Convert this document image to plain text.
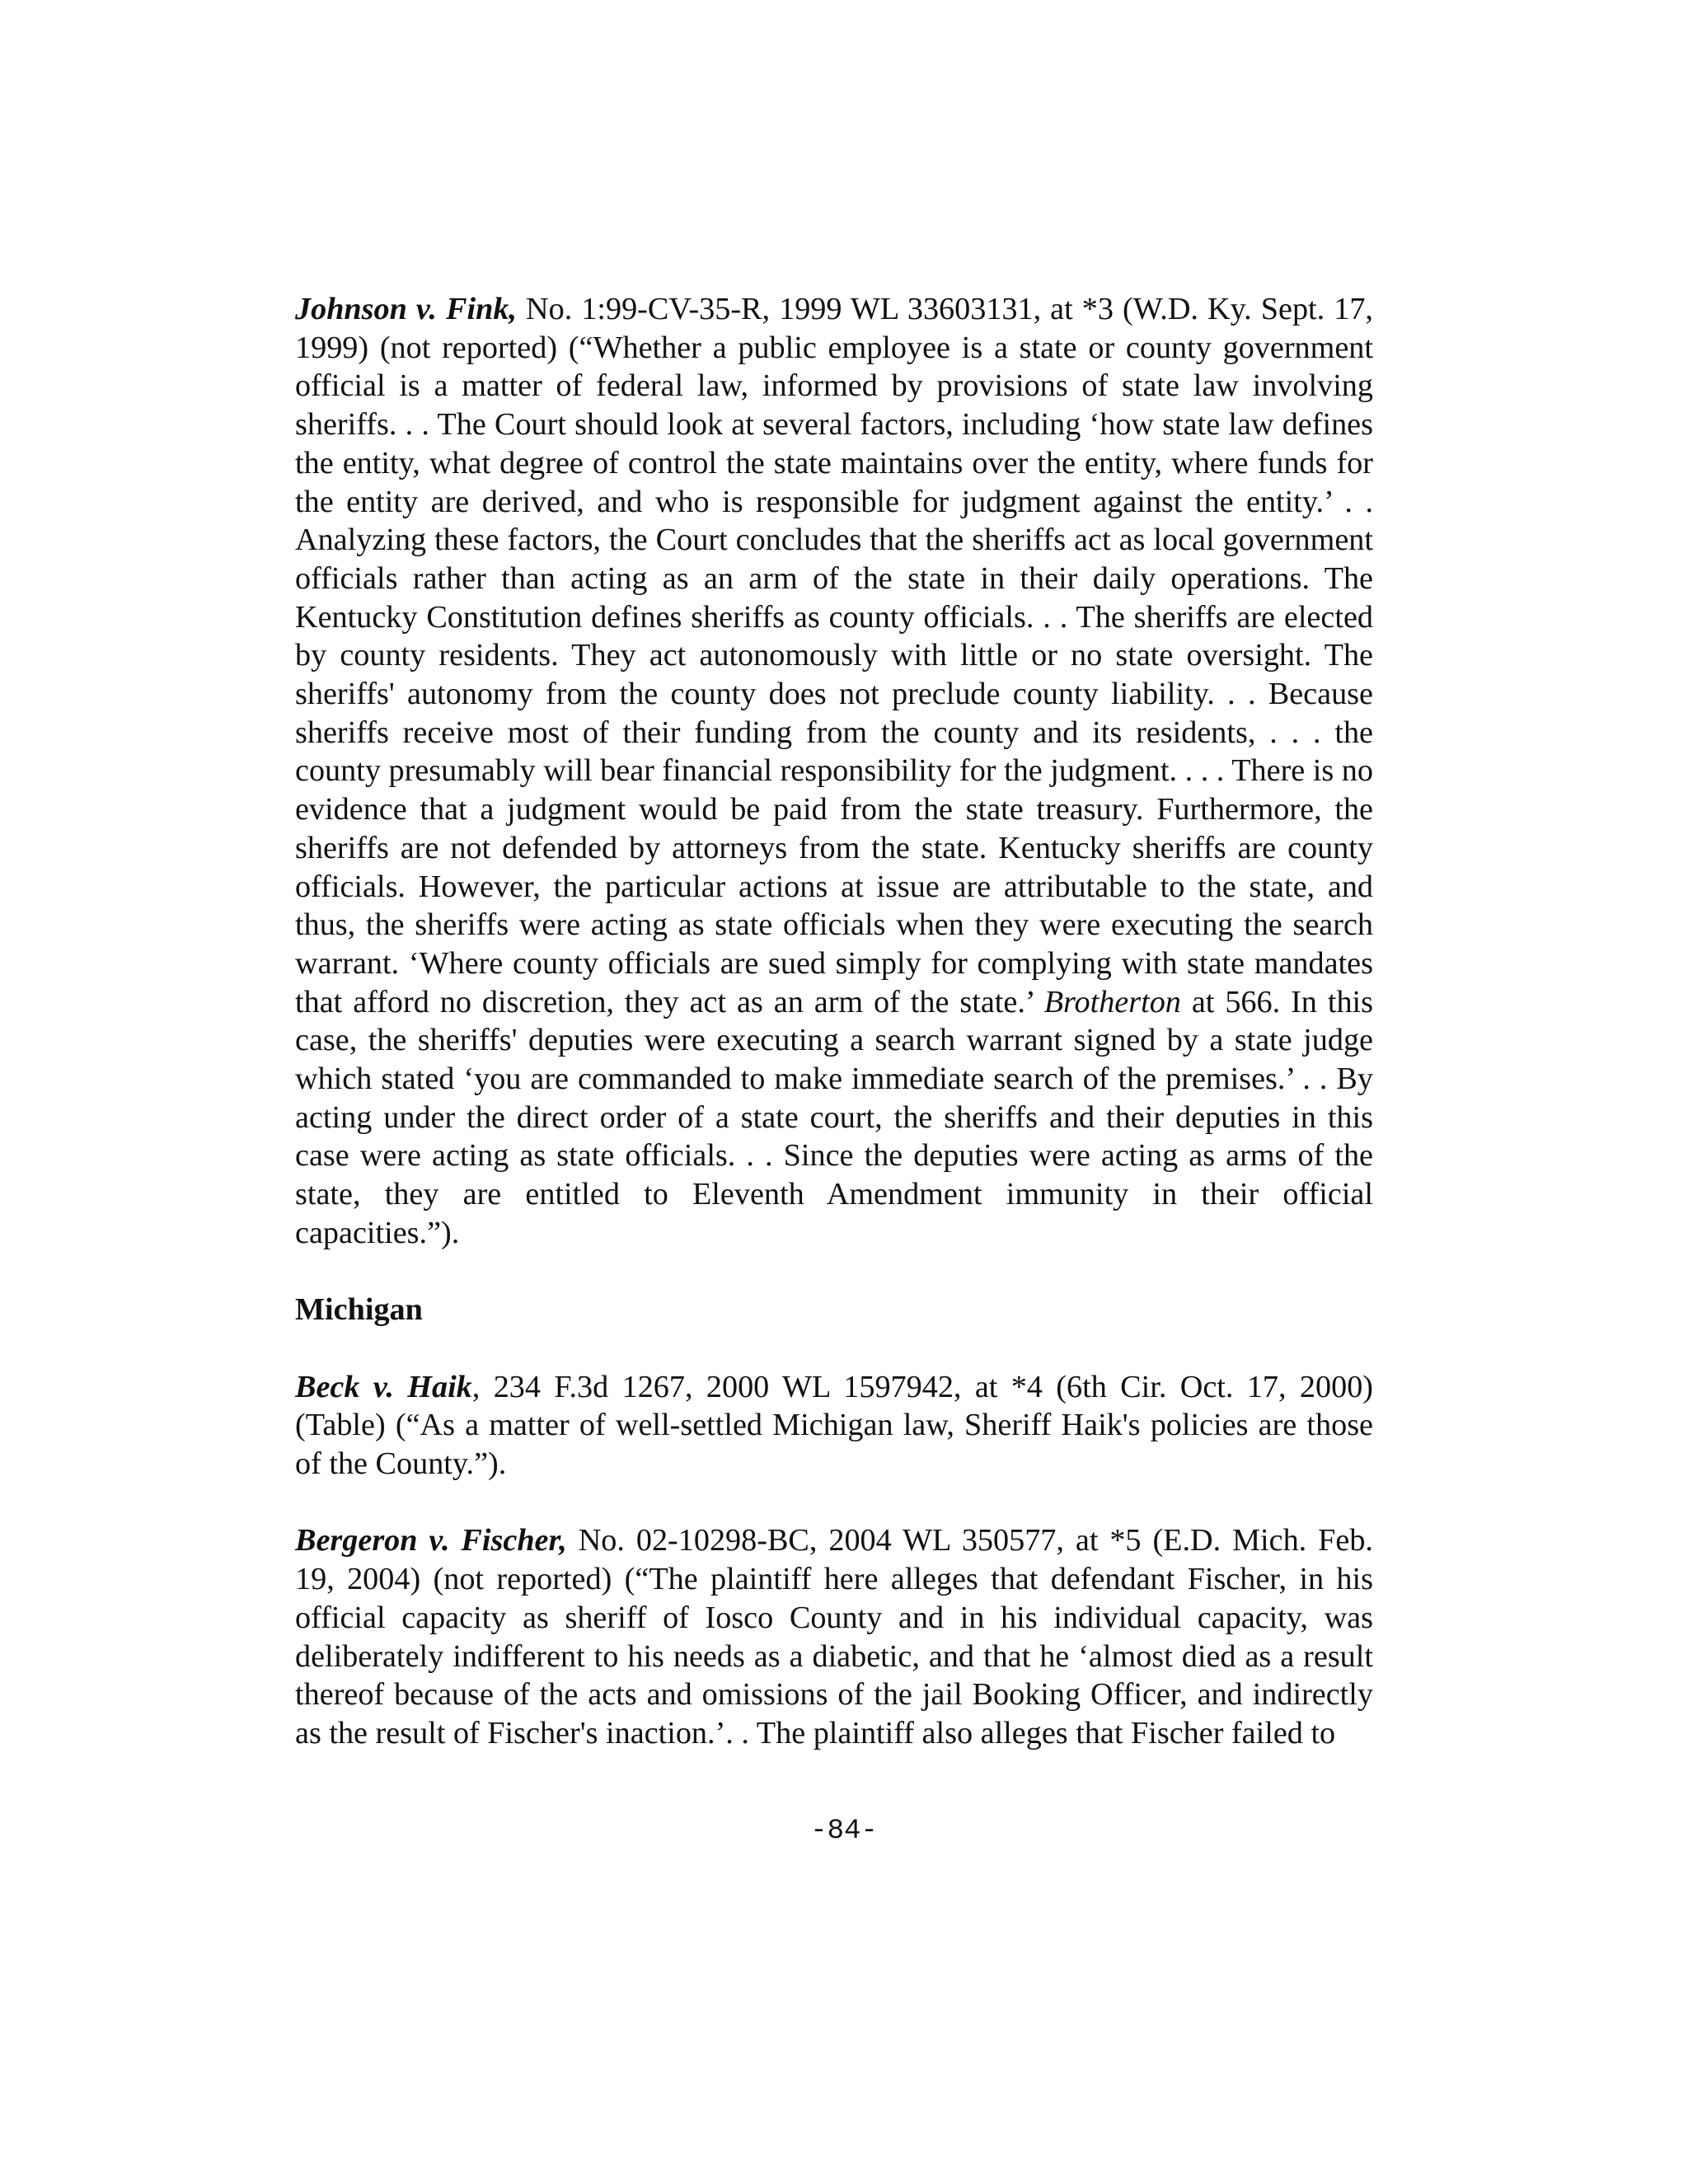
Johnson v. Fink, No. 1:99-CV-35-R, 1999 WL 33603131, at *3 (W.D. Ky. Sept. 17, 1999) (not reported) (“Whether a public employee is a state or county government official is a matter of federal law, informed by provisions of state law involving sheriffs. . . The Court should look at several factors, including ‘how state law defines the entity, what degree of control the state maintains over the entity, where funds for the entity are derived, and who is responsible for judgment against the entity.’ . . Analyzing these factors, the Court concludes that the sheriffs act as local government officials rather than acting as an arm of the state in their daily operations. The Kentucky Constitution defines sheriffs as county officials. . . The sheriffs are elected by county residents. They act autonomously with little or no state oversight. The sheriffs' autonomy from the county does not preclude county liability. . . Because sheriffs receive most of their funding from the county and its residents, . . . the county presumably will bear financial responsibility for the judgment. . . . There is no evidence that a judgment would be paid from the state treasury. Furthermore, the sheriffs are not defended by attorneys from the state. Kentucky sheriffs are county officials. However, the particular actions at issue are attributable to the state, and thus, the sheriffs were acting as state officials when they were executing the search warrant. ‘Where county officials are sued simply for complying with state mandates that afford no discretion, they act as an arm of the state.’ Brotherton at 566. In this case, the sheriffs' deputies were executing a search warrant signed by a state judge which stated ‘you are commanded to make immediate search of the premises.’ . . By acting under the direct order of a state court, the sheriffs and their deputies in this case were acting as state officials. . . Since the deputies were acting as arms of the state, they are entitled to Eleventh Amendment immunity in their official capacities.”).

Michigan

Beck v. Haik, 234 F.3d 1267, 2000 WL 1597942, at *4 (6th Cir. Oct. 17, 2000) (Table) (“As a matter of well-settled Michigan law, Sheriff Haik's policies are those of the County.”).

Bergeron v. Fischer, No. 02-10298-BC, 2004 WL 350577, at *5 (E.D. Mich. Feb. 19, 2004) (not reported) (“The plaintiff here alleges that defendant Fischer, in his official capacity as sheriff of Iosco County and in his individual capacity, was deliberately indifferent to his needs as a diabetic, and that he ‘almost died as a result thereof because of the acts and omissions of the jail Booking Officer, and indirectly as the result of Fischer's inaction.’. . The plaintiff also alleges that Fischer failed to

-84-
